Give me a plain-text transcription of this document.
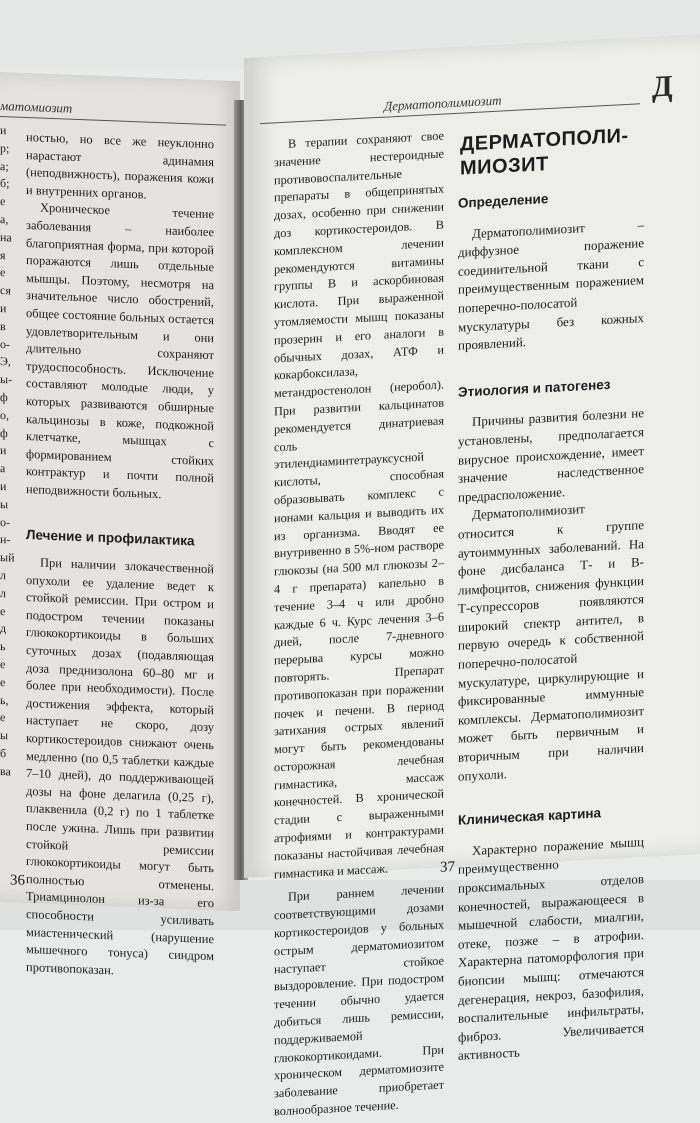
матомиозит
и
р;
а;
б;
е
а,
на
я
е
ся
и
в
о-
Э,
ы-
ф
о,
ф
и
а
и
ы
о-
н-
ый
л
л
е
д
ь
е
е
ь,
е
ы
б
ва

ностью, но все же неуклонно нарастают адинамия (неподвижность), поражения кожи и внутренних органов.

Хроническое течение заболевания – наиболее благоприятная форма, при которой поражаются лишь отдельные мышцы. Поэтому, несмотря на значительное число обострений, общее состояние больных остается удовлетворительным и они длительно сохраняют трудоспособность. Исключение составляют молодые люди, у которых развиваются обширные кальцинозы в коже, подкожной клетчатке, мышцах с формированием стойких контрактур и почти полной неподвижности больных.

Лечение и профилактика

При наличии злокачественной опухоли ее удаление ведет к стойкой ремиссии. При остром и подостром течении показаны глюкокортикоиды в больших суточных дозах (подавляющая доза преднизолона 60–80 мг и более при необходимости). После достижения эффекта, который наступает не скоро, дозу кортикостероидов снижают очень медленно (по 0,5 таблетки каждые 7–10 дней), до поддерживающей дозы на фоне делагила (0,25 г), плаквенила (0,2 г) по 1 таблетке после ужина. Лишь при развитии стойкой ремиссии глюкокортикоиды могут быть полностью отменены. Триамцинолон из-за его способности усиливать миастенический (нарушение мышечного тонуса) синдром противопоказан.

36
Дерматополимиозит	Д

В терапии сохраняют свое значение нестероидные противовоспалительные препараты в общепринятых дозах, особенно при снижении доз кортикостероидов. В комплексном лечении рекомендуются витамины группы В и аскорбиновая кислота. При выраженной утомляемости мышц показаны прозерин и его аналоги в обычных дозах, АТФ и кокарбоксилаза, метандростенолон (неробол). При развитии кальцинатов рекомендуется динатриевая соль этилендиаминтетрауксусной кислоты, способная образовывать комплекс с ионами кальция и выводить их из организма. Вводят ее внутривенно в 5%-ном растворе глюкозы (на 500 мл глюкозы 2–4 г препарата) капельно в течение 3–4 ч или дробно каждые 6 ч. Курс лечения 3–6 дней, после 7-дневного перерыва курсы можно повторять. Препарат противопоказан при поражении почек и печени. В период затихания острых явлений могут быть рекомендованы осторожная лечебная гимнастика, массаж конечностей. В хронической стадии с выраженными атрофиями и контрактурами показаны настойчивая лечебная гимнастика и массаж.

При раннем лечении соответствующими дозами кортикостероидов у больных острым дерматомиозитом наступает стойкое выздоровление. При подостром течении обычно удается добиться лишь ремиссии, поддерживаемой глюкокортикоидами. При хроническом дерматомиозите заболевание приобретает волнообразное течение.

ДЕРМАТОПОЛИ-МИОЗИТ
Определение

Дерматополимиозит – диффузное поражение соединительной ткани с преимущественным поражением поперечно-полосатой мускулатуры без кожных проявлений.

Этиология и патогенез

Причины развития болезни не установлены, предполагается вирусное происхождение, имеет значение наследственное предрасположение.

Дерматополимиозит относится к группе аутоиммунных заболеваний. На фоне дисбаланса Т- и В-лимфоцитов, снижения функции Т-супрессоров появляются широкий спектр антител, в первую очередь к собственной поперечно-полосатой мускулатуре, циркулирующие и фиксированные иммунные комплексы. Дерматополимиозит может быть первичным и вторичным при наличии опухоли.

Клиническая картина

Характерно поражение мышц преимущественно проксимальных отделов конечностей, выражающееся в мышечной слабости, миалгии, отеке, позже – в атрофии. Характерна патоморфология при биопсии мышц: отмечаются дегенерация, некроз, базофилия, воспалительные инфильтраты, фиброз. Увеличивается активность

37
